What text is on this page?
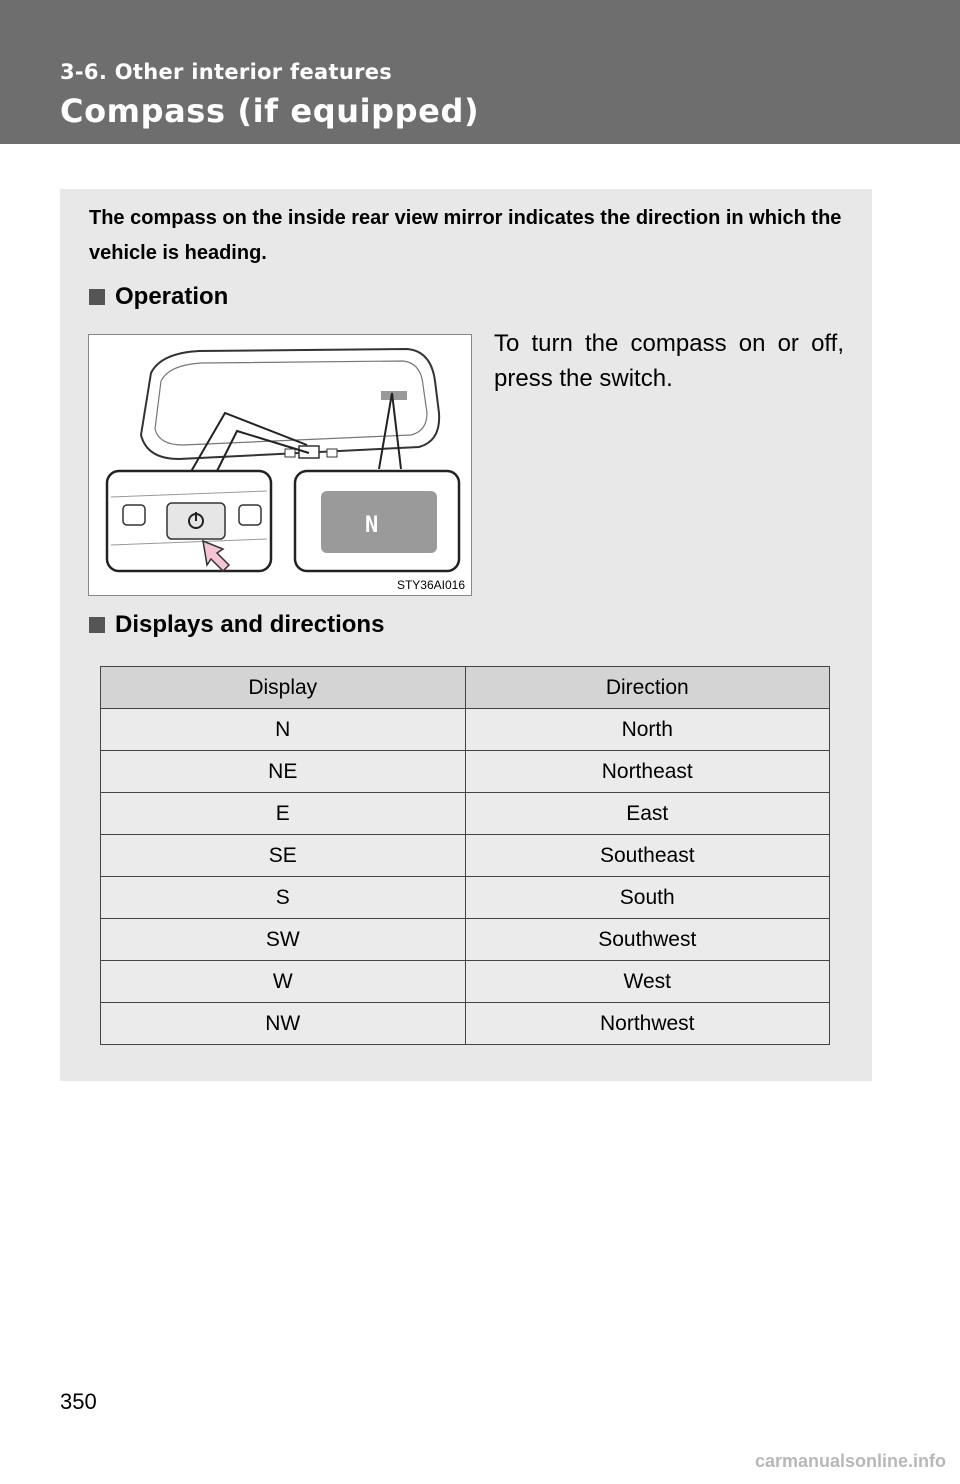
3-6. Other interior features
Compass (if equipped)
The compass on the inside rear view mirror indicates the direction in which the vehicle is heading.
Operation
N
STY36AI016
To turn the compass on or off, press the switch.
Displays and directions
Display	Direction
N	North
NE	Northeast
E	East
SE	Southeast
S	South
SW	Southwest
W	West
NW	Northwest
350
carmanualsonline.info
